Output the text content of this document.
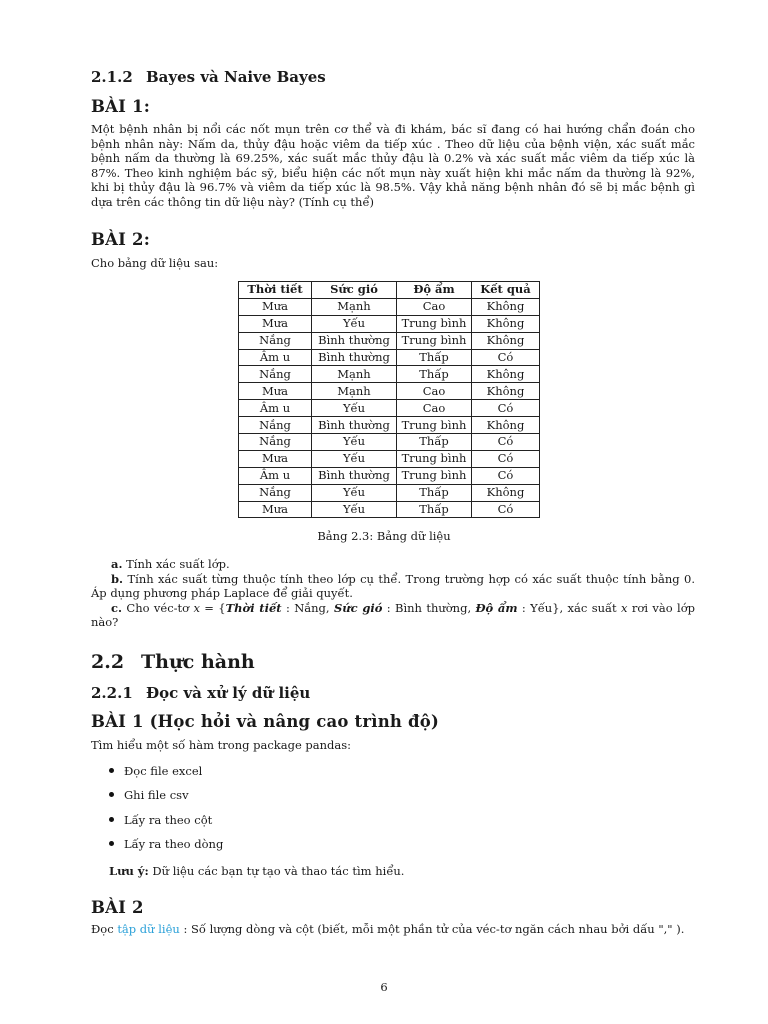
2.1.2 Bayes và Naive Bayes
BÀI 1:
Một bệnh nhân bị nổi các nốt mụn trên cơ thể và đi khám, bác sĩ đang có hai hướng chẩn đoán cho bệnh nhân này: Nấm da, thủy đậu hoặc viêm da tiếp xúc . Theo dữ liệu của bệnh viện, xác suất mắc bệnh nấm da thường là 69.25%, xác suất mắc thủy đậu là 0.2% và xác suất mắc viêm da tiếp xúc là 87%. Theo kinh nghiệm bác sỹ, biểu hiện các nốt mụn này xuất hiện khi mắc nấm da thường là 92%, khi bị thủy đậu là 96.7% và viêm da tiếp xúc là 98.5%. Vậy khả năng bệnh nhân đó sẽ bị mắc bệnh gì dựa trên các thông tin dữ liệu này? (Tính cụ thể)
BÀI 2:
Cho bảng dữ liệu sau:
Thời tiết	Sức gió	Độ ẩm	Kết quả
Mưa	Mạnh	Cao	Không
Mưa	Yếu	Trung bình	Không
Nắng	Bình thường	Trung bình	Không
Âm u	Bình thường	Thấp	Có
Nắng	Mạnh	Thấp	Không
Mưa	Mạnh	Cao	Không
Âm u	Yếu	Cao	Có
Nắng	Bình thường	Trung bình	Không
Nắng	Yếu	Thấp	Có
Mưa	Yếu	Trung bình	Có
Âm u	Bình thường	Trung bình	Có
Nắng	Yếu	Thấp	Không
Mưa	Yếu	Thấp	Có
Bảng 2.3: Bảng dữ liệu
a. Tính xác suất lớp.
b. Tính xác suất từng thuộc tính theo lớp cụ thể. Trong trường hợp có xác suất thuộc tính bằng 0. Áp dụng phương pháp Laplace để giải quyết.
c. Cho véc-tơ x = {Thời tiết : Nắng, Sức gió : Bình thường, Độ ẩm : Yếu}, xác suất x rơi vào lớp nào?
2.2 Thực hành
2.2.1 Đọc và xử lý dữ liệu
BÀI 1 (Học hỏi và nâng cao trình độ)
Tìm hiểu một số hàm trong package pandas:
Đọc file excel
Ghi file csv
Lấy ra theo cột
Lấy ra theo dòng
Lưu ý: Dữ liệu các bạn tự tạo và thao tác tìm hiểu.
BÀI 2
Đọc tập dữ liệu : Số lượng dòng và cột (biết, mỗi một phần tử của véc-tơ ngăn cách nhau bởi dấu "," ).
6
